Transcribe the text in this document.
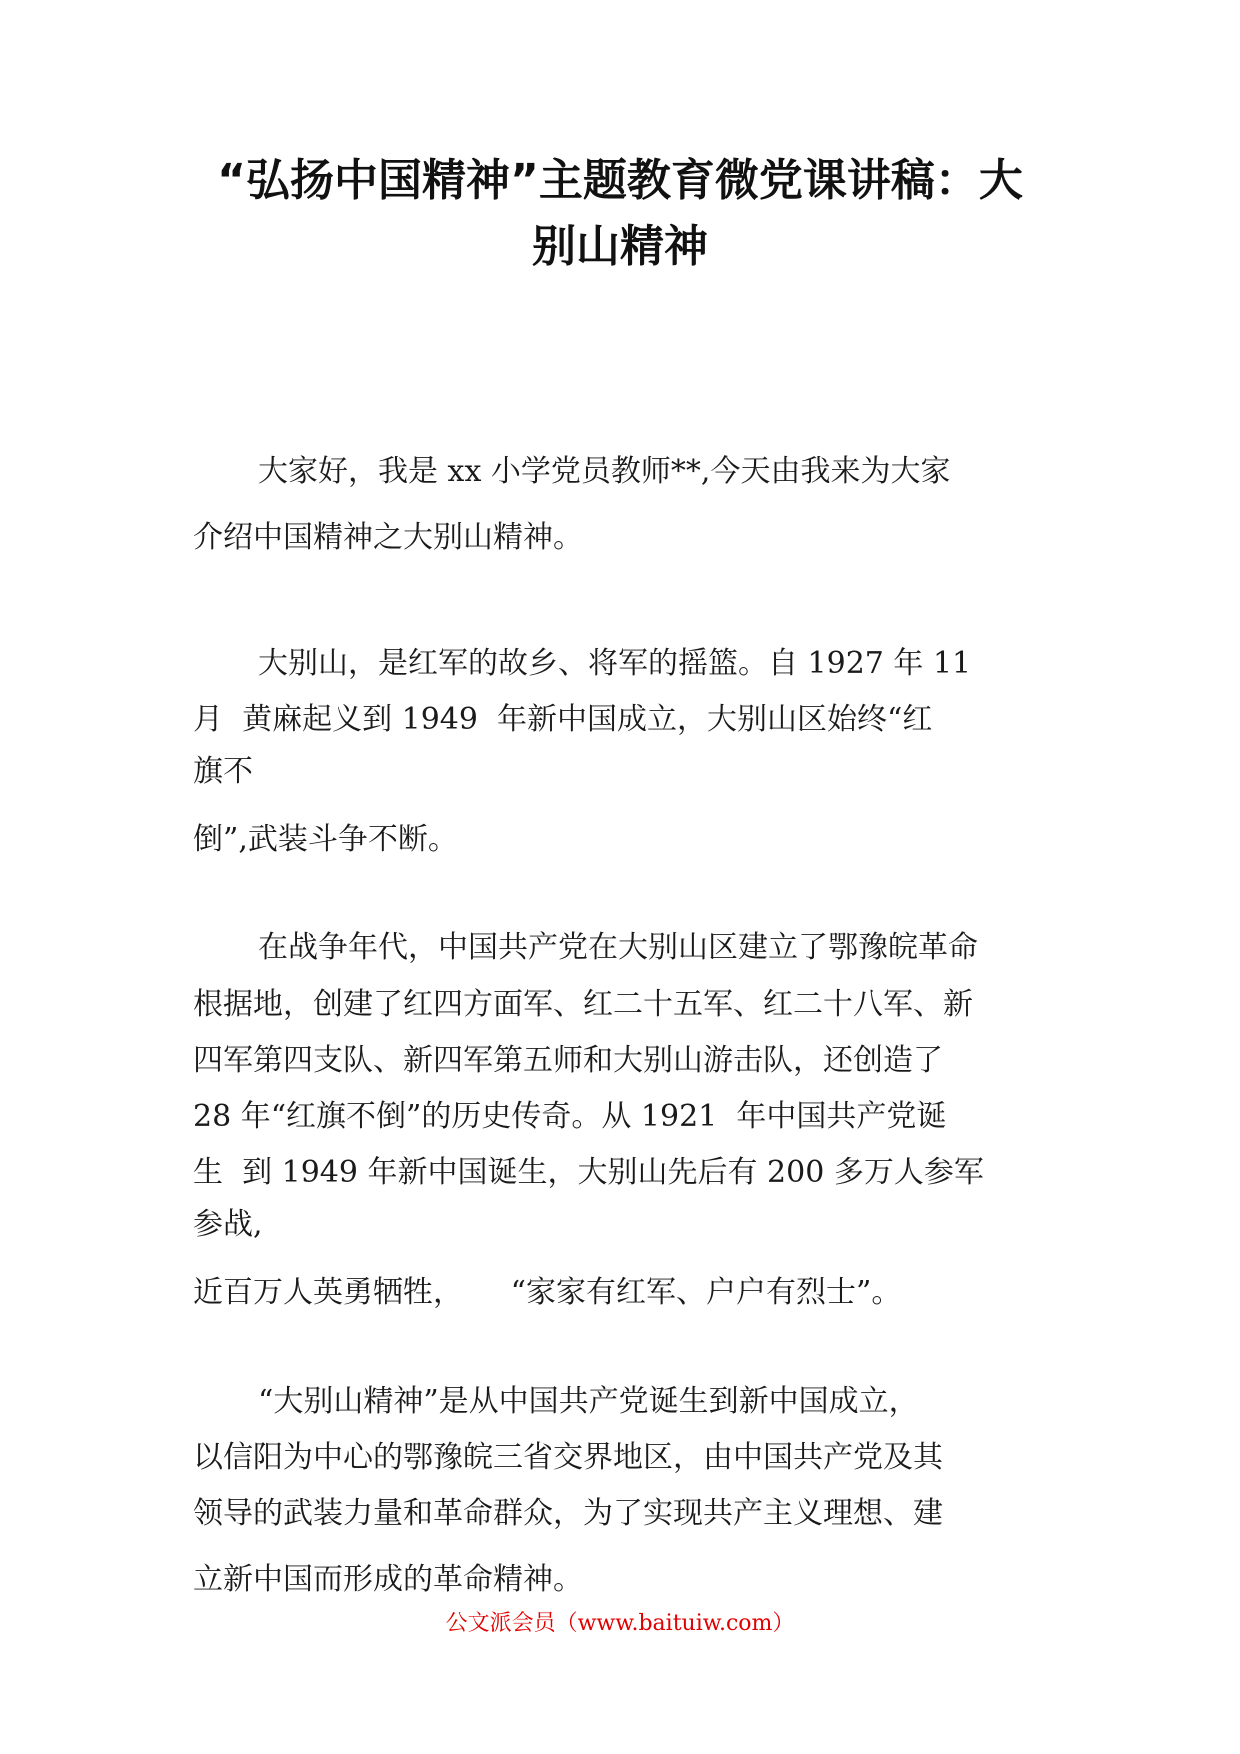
“弘扬中国精神”主题教育微党课讲稿：大
别山精神

大家好，我是 xx 小学党员教师**,今天由我来为大家

介绍中国精神之大别山精神。

大别山，是红军的故乡、将军的摇篮。自 1927 年 11

月  黄麻起义到 1949  年新中国成立，大别山区始终“红

旗不

倒”,武装斗争不断。

在战争年代，中国共产党在大别山区建立了鄂豫皖革命

根据地，创建了红四方面军、红二十五军、红二十八军、新

四军第四支队、新四军第五师和大别山游击队，还创造了

28 年“红旗不倒”的历史传奇。从 1921  年中国共产党诞

生  到 1949 年新中国诞生，大别山先后有 200 多万人参军

参战,

近百万人英勇牺牲，     “家家有红军、户户有烈士”。

“大别山精神”是从中国共产党诞生到新中国成立，

以信阳为中心的鄂豫皖三省交界地区，由中国共产党及其

领导的武装力量和革命群众，为了实现共产主义理想、建

立新中国而形成的革命精神。

公文派会员（www.baituiw.com）
